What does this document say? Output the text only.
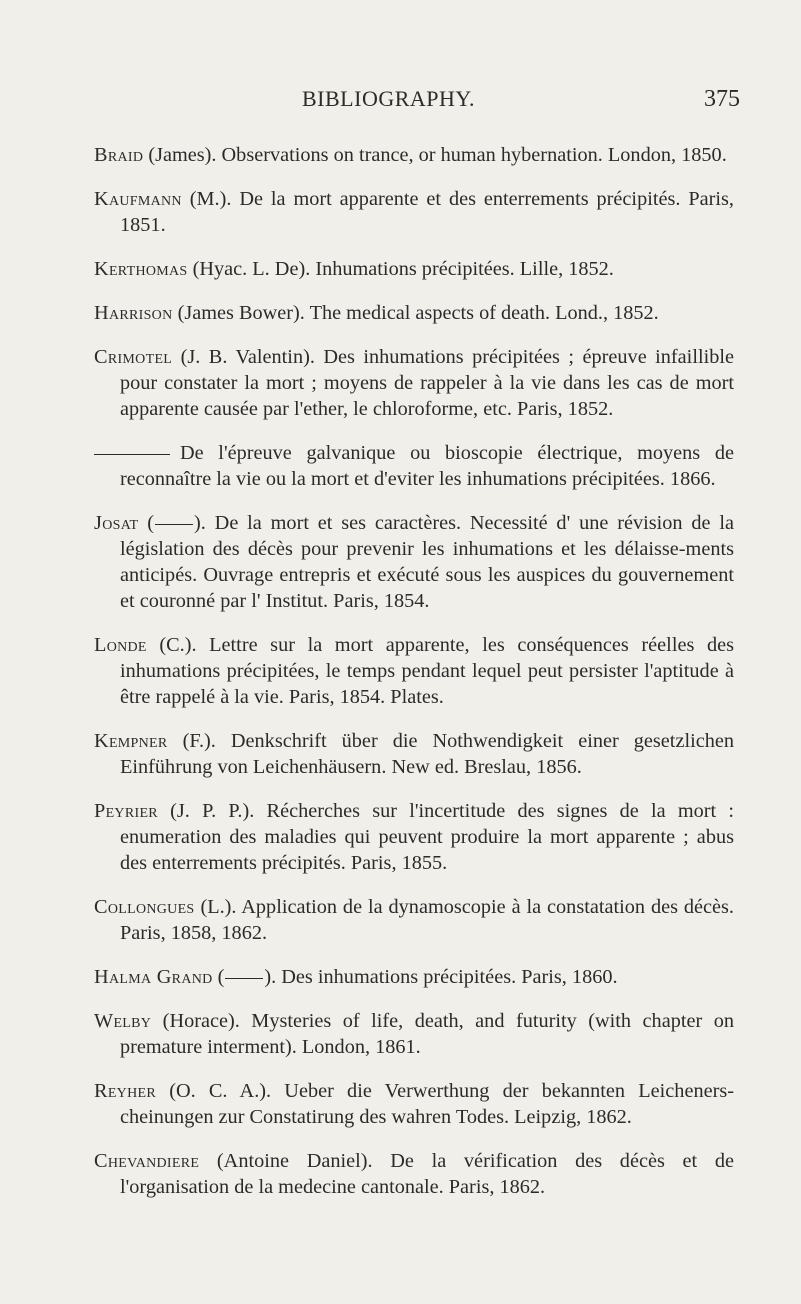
BIBLIOGRAPHY.	375

Braid (James). Observations on trance, or human hybernation. London, 1850.

Kaufmann (M.). De la mort apparente et des enterrements précipités. Paris, 1851.

Kerthomas (Hyac. L. De). Inhumations précipitées. Lille, 1852.

Harrison (James Bower). The medical aspects of death. Lond., 1852.

Crimotel (J. B. Valentin). Des inhumations précipitées ; épreuve infaillible pour constater la mort ; moyens de rappeler à la vie dans les cas de mort apparente causée par l'ether, le chloroforme, etc. Paris, 1852.

De l'épreuve galvanique ou bioscopie électrique, moyens de reconnaître la vie ou la mort et d'eviter les inhumations précipitées. 1866.

Josat ( ). De la mort et ses caractères. Necessité d' une révision de la législation des décès pour prevenir les inhumations et les délaisse-ments anticipés. Ouvrage entrepris et exécuté sous les auspices du gouvernement et couronné par l' Institut. Paris, 1854.

Londe (C.). Lettre sur la mort apparente, les conséquences réelles des inhumations précipitées, le temps pendant lequel peut persister l'aptitude à être rappelé à la vie. Paris, 1854. Plates.

Kempner (F.). Denkschrift über die Nothwendigkeit einer gesetzlichen Einführung von Leichenhäusern. New ed. Breslau, 1856.

Peyrier (J. P. P.). Récherches sur l'incertitude des signes de la mort : enumeration des maladies qui peuvent produire la mort apparente ; abus des enterrements précipités. Paris, 1855.

Collongues (L.). Application de la dynamoscopie à la constatation des décès. Paris, 1858, 1862.

Halma Grand ( ). Des inhumations précipitées. Paris, 1860.

Welby (Horace). Mysteries of life, death, and futurity (with chapter on premature interment). London, 1861.

Reyher (O. C. A.). Ueber die Verwerthung der bekannten Leicheners-cheinungen zur Constatirung des wahren Todes. Leipzig, 1862.

Chevandiere (Antoine Daniel). De la vérification des décès et de l'organisation de la medecine cantonale. Paris, 1862.
